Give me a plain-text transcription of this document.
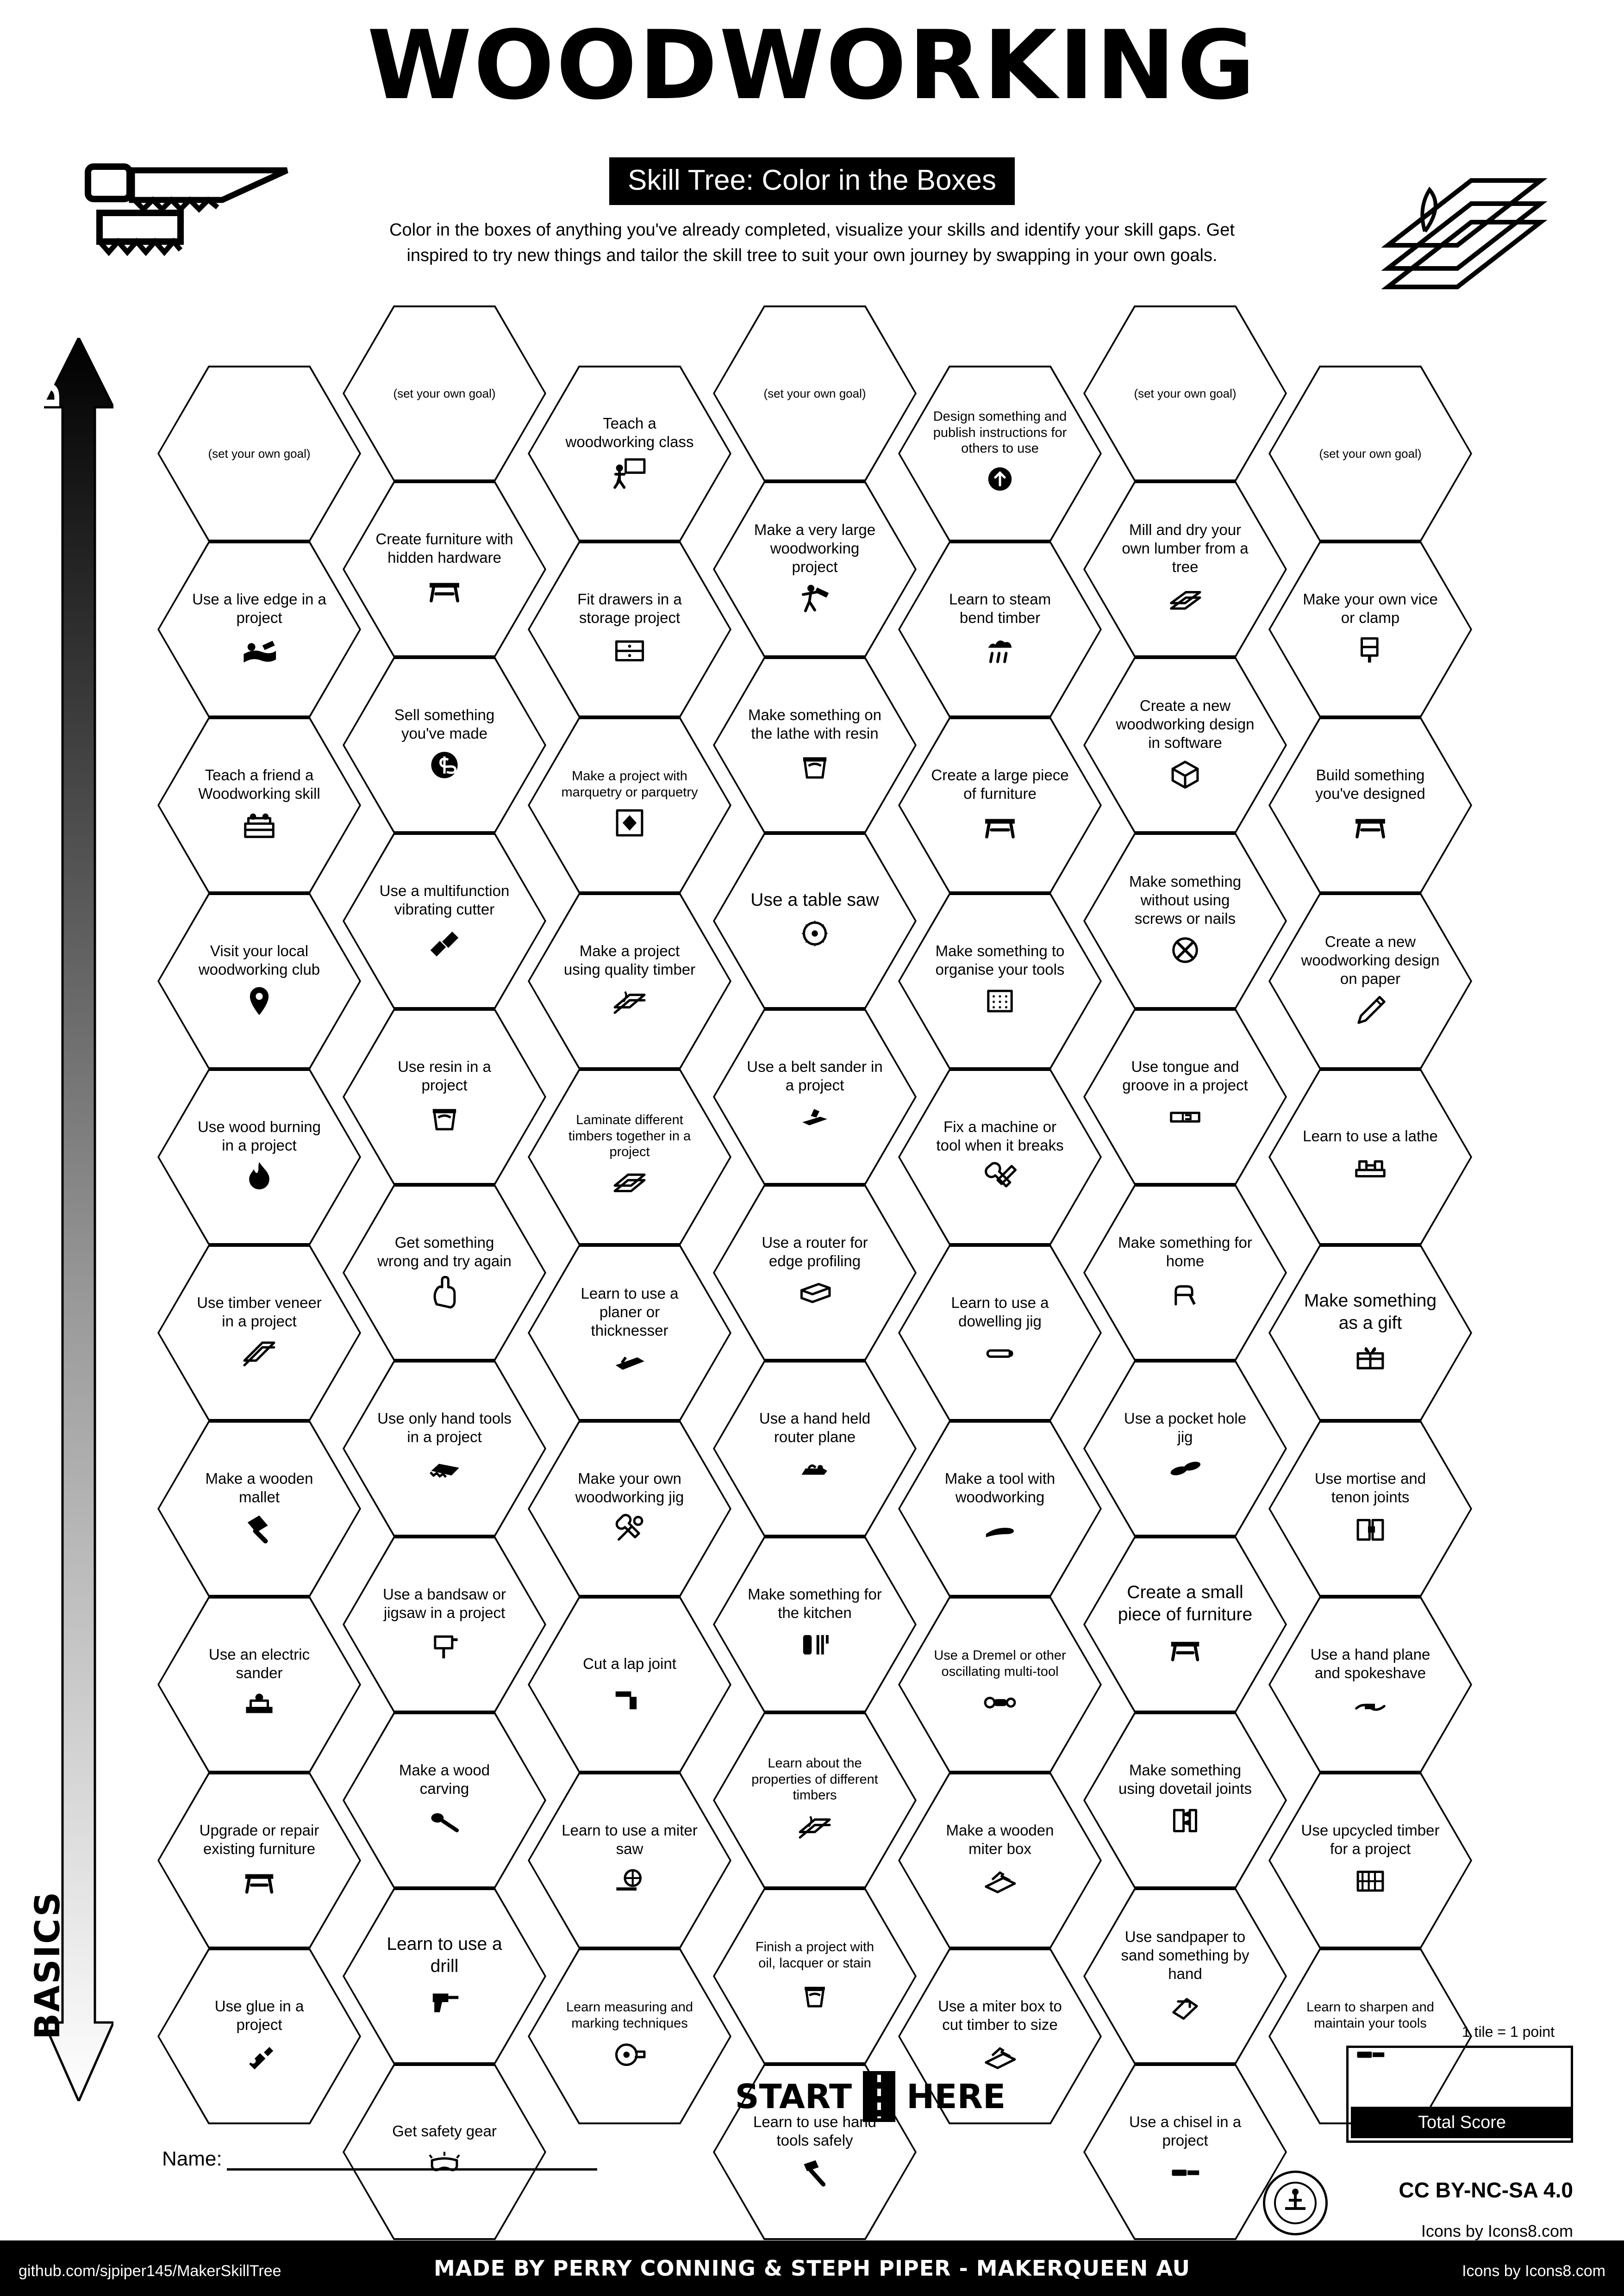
WOODWORKING
Skill Tree: Color in the Boxes
Color in the boxes of anything you've already completed, visualize your skills and identify your skill gaps. Get inspired to try new things and tailor the skill tree to suit your own journey by swapping in your own goals.
ADVANCED
BASICS
(set your own goal)
Use a live edge in a project
Teach a friend a Woodworking skill
Visit your local woodworking club
Use wood burning in a project
Use timber veneer in a project
Make a wooden mallet
Use an electric sander
Upgrade or repair existing furniture
Use glue in a project
(set your own goal)
Create furniture with hidden hardware
Sell something you've made
Use a multifunction vibrating cutter
Use resin in a project
Get something wrong and try again
Use only hand tools in a project
Use a bandsaw or jigsaw in a project
Make a wood carving
Learn to use a drill
Get safety gear
Teach a woodworking class
Fit drawers in a storage project
Make a project with marquetry or parquetry
Make a project using quality timber
Laminate different timbers together in a project
Learn to use a planer or thicknesser
Make your own woodworking jig
Cut a lap joint
Learn to use a miter saw
Learn measuring and marking techniques
(set your own goal)
Make a very large woodworking project
Make something on the lathe with resin
Use a table saw
Use a belt sander in a project
Use a router for edge profiling
Use a hand held router plane
Make something for the kitchen
Learn about the properties of different timbers
Finish a project with oil, lacquer or stain
Learn to use hand tools safely
Design something and publish instructions for others to use
Learn to steam bend timber
Create a large piece of furniture
Make something to organise your tools
Fix a machine or tool when it breaks
Learn to use a dowelling jig
Make a tool with woodworking
Use a Dremel or other oscillating multi-tool
Make a wooden miter box
Use a miter box to cut timber to size
(set your own goal)
Mill and dry your own lumber from a tree
Create a new woodworking design in software
Make something without using screws or nails
Use tongue and groove in a project
Make something for home
Use a pocket hole jig
Create a small piece of furniture
Make something using dovetail joints
Use sandpaper to sand something by hand
Use a chisel in a project
(set your own goal)
Make your own vice or clamp
Build something you've designed
Create a new woodworking design on paper
Learn to use a lathe
Make something as a gift
Use mortise and tenon joints
Use a hand plane and spokeshave
Use upcycled timber for a project
Learn to sharpen and maintain your tools
START HERE
1 tile = 1 point
Total Score
Name:
CC BY-NC-SA 4.0
Icons by Icons8.com
MADE BY PERRY CONNING & STEPH PIPER - MAKERQUEEN AU
github.com/sjpiper145/MakerSkillTree	Icons by Icons8.com
